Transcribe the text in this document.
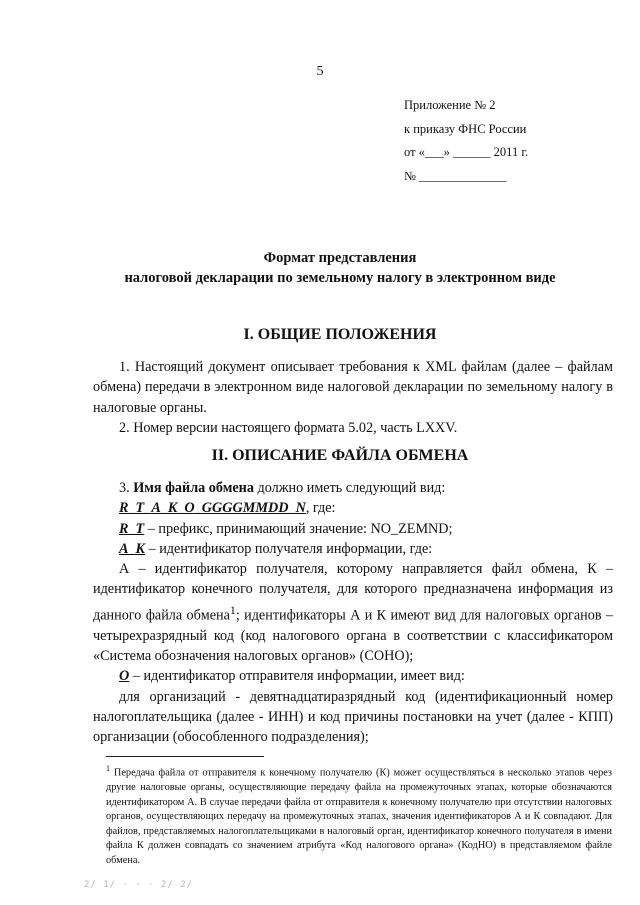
5
Приложение № 2
к приказу ФНС России
от «___» ______ 2011 г.
№ ______________
Формат представления
налоговой декларации по земельному налогу в электронном виде
I. ОБЩИЕ ПОЛОЖЕНИЯ

1. Настоящий документ описывает требования к XML файлам (далее – файлам обмена) передачи в электронном виде налоговой декларации по земельному налогу в налоговые органы.

2. Номер версии настоящего формата 5.02, часть LXXV.

II. ОПИСАНИЕ ФАЙЛА ОБМЕНА

3. Имя файла обмена должно иметь следующий вид:

R_T_A_K_O_GGGGMMDD_N, где:

R_T – префикс, принимающий значение: NO_ZEMND;

A_K – идентификатор получателя информации, где:

А – идентификатор получателя, которому направляется файл обмена, К – идентификатор конечного получателя, для которого предназначена информация из данного файла обмена$^1$; идентификаторы А и К имеют вид для налоговых органов – четырехразрядный код (код налогового органа в соответствии с классификатором «Система обозначения налоговых органов» (СОНО);

O – идентификатор отправителя информации, имеет вид:

для организаций - девятнадцатиразрядный код (идентификационный номер налогоплательщика (далее - ИНН) и код причины постановки на учет (далее - КПП) организации (обособленного подразделения);

$^1$ Передача файла от отправителя к конечному получателю (К) может осуществляться в несколько этапов через другие налоговые органы, осуществляющие передачу файла на промежуточных этапах, которые обозначаются идентификатором А. В случае передачи файла от отправителя к конечному получателю при отсутствии налоговых органов, осуществляющих передачу на промежуточных этапах, значения идентификаторов А и К совпадают. Для файлов, представляемых налогоплательщиками в налоговый орган, идентификатор конечного получателя в имени файла К должен совпадать со значением атрибута «Код налогового органа» (КодНО) в представляемом файле обмена.
2/ 1/ · · · 2/ 2/
